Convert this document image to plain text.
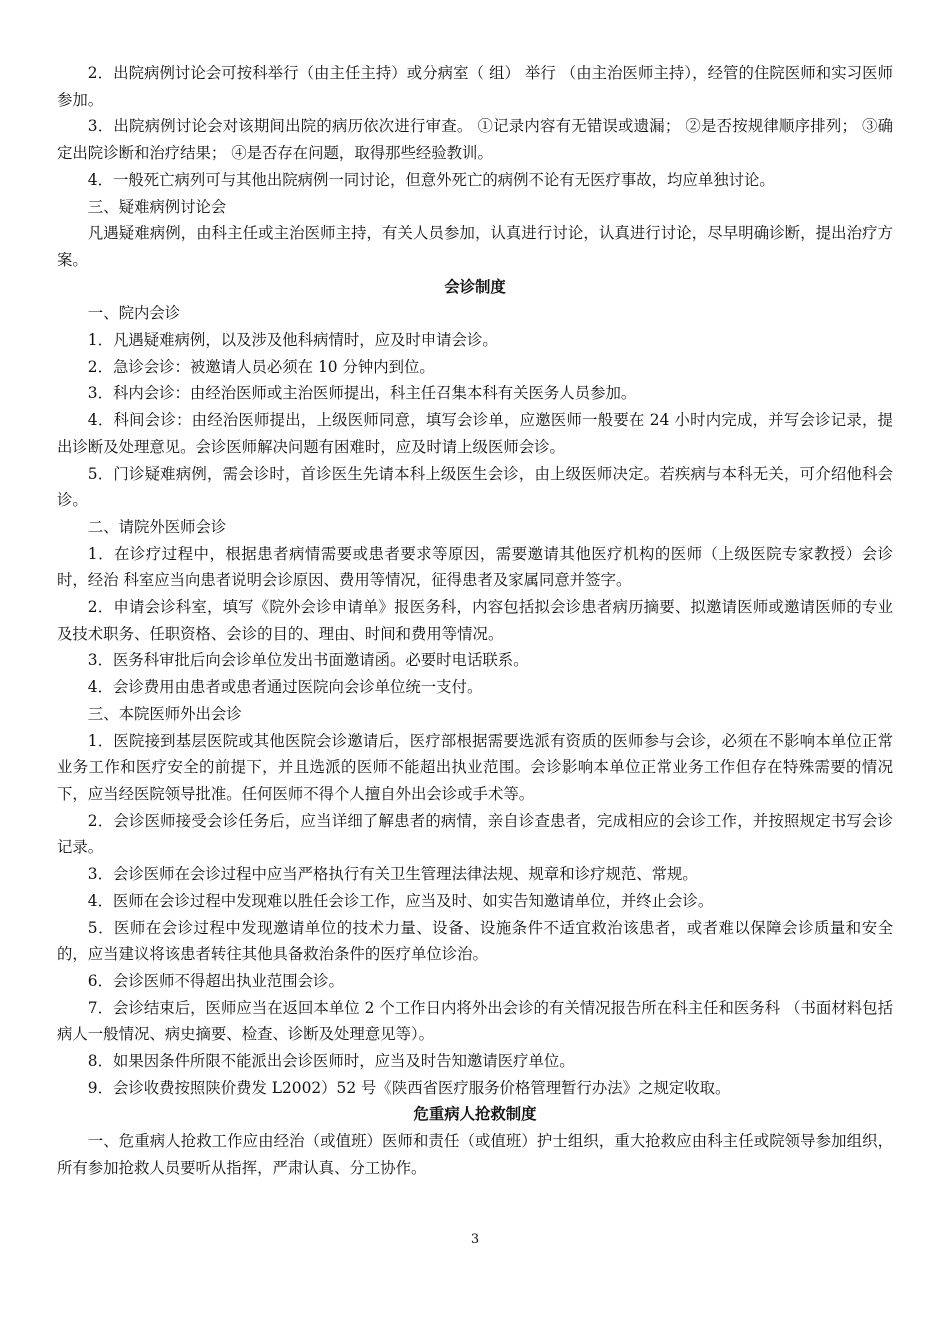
2．出院病例讨论会可按科举行（由主任主持）或分病室（ 组） 举行 （由主治医师主持），经管的住院医师和实习医师参加。

3．出院病例讨论会对该期间出院的病历依次进行审查。 ①记录内容有无错误或遗漏； ②是否按规律顺序排列； ③确定出院诊断和治疗结果； ④是否存在问题，取得那些经验教训。

4．一般死亡病列可与其他出院病例一同讨论，但意外死亡的病例不论有无医疗事故，均应单独讨论。

三、疑难病例讨论会

凡遇疑难病例，由科主任或主治医师主持，有关人员参加，认真进行讨论，认真进行讨论，尽早明确诊断，提出治疗方案。

会诊制度

一、院内会诊

1．凡遇疑难病例，以及涉及他科病情时，应及时申请会诊。

2．急诊会诊：被邀请人员必须在 10 分钟内到位。

3．科内会诊：由经治医师或主治医师提出，科主任召集本科有关医务人员参加。

4．科间会诊：由经治医师提出，上级医师同意，填写会诊单，应邀医师一般要在 24 小时内完成，并写会诊记录，提出诊断及处理意见。会诊医师解决问题有困难时，应及时请上级医师会诊。

5．门诊疑难病例，需会诊时，首诊医生先请本科上级医生会诊，由上级医师决定。若疾病与本科无关，可介绍他科会诊。

二、请院外医师会诊

1．在诊疗过程中，根据患者病情需要或患者要求等原因，需要邀请其他医疗机构的医师（上级医院专家教授）会诊时，经治 科室应当向患者说明会诊原因、费用等情况，征得患者及家属同意并签字。

2．申请会诊科室，填写《院外会诊申请单》报医务科，内容包括拟会诊患者病历摘要、拟邀请医师或邀请医师的专业及技术职务、任职资格、会诊的目的、理由、时间和费用等情况。

3．医务科审批后向会诊单位发出书面邀请函。必要时电话联系。

4．会诊费用由患者或患者通过医院向会诊单位统一支付。

三、本院医师外出会诊

1．医院接到基层医院或其他医院会诊邀请后，医疗部根据需要选派有资质的医师参与会诊，必须在不影响本单位正常业务工作和医疗安全的前提下，并且选派的医师不能超出执业范围。会诊影响本单位正常业务工作但存在特殊需要的情况下，应当经医院领导批准。任何医师不得个人擅自外出会诊或手术等。

2．会诊医师接受会诊任务后，应当详细了解患者的病情，亲自诊查患者，完成相应的会诊工作，并按照规定书写会诊记录。

3．会诊医师在会诊过程中应当严格执行有关卫生管理法律法规、规章和诊疗规范、常规。

4．医师在会诊过程中发现难以胜任会诊工作，应当及时、如实告知邀请单位，并终止会诊。

5．医师在会诊过程中发现邀请单位的技术力量、设备、设施条件不适宜救治该患者，或者难以保障会诊质量和安全的，应当建议将该患者转往其他具备救治条件的医疗单位诊治。

6．会诊医师不得超出执业范围会诊。

7．会诊结束后，医师应当在返回本单位 2 个工作日内将外出会诊的有关情况报告所在科主任和医务科 （书面材料包括病人一般情况、病史摘要、检查、诊断及处理意见等）。

8．如果因条件所限不能派出会诊医师时，应当及时告知邀请医疗单位。

9．会诊收费按照陕价费发 L2002）52 号《陕西省医疗服务价格管理暂行办法》之规定收取。

危重病人抢救制度

一、危重病人抢救工作应由经治（或值班）医师和责任（或值班）护士组织，重大抢救应由科主任或院领导参加组织，所有参加抢救人员要听从指挥，严肃认真、分工协作。

3
